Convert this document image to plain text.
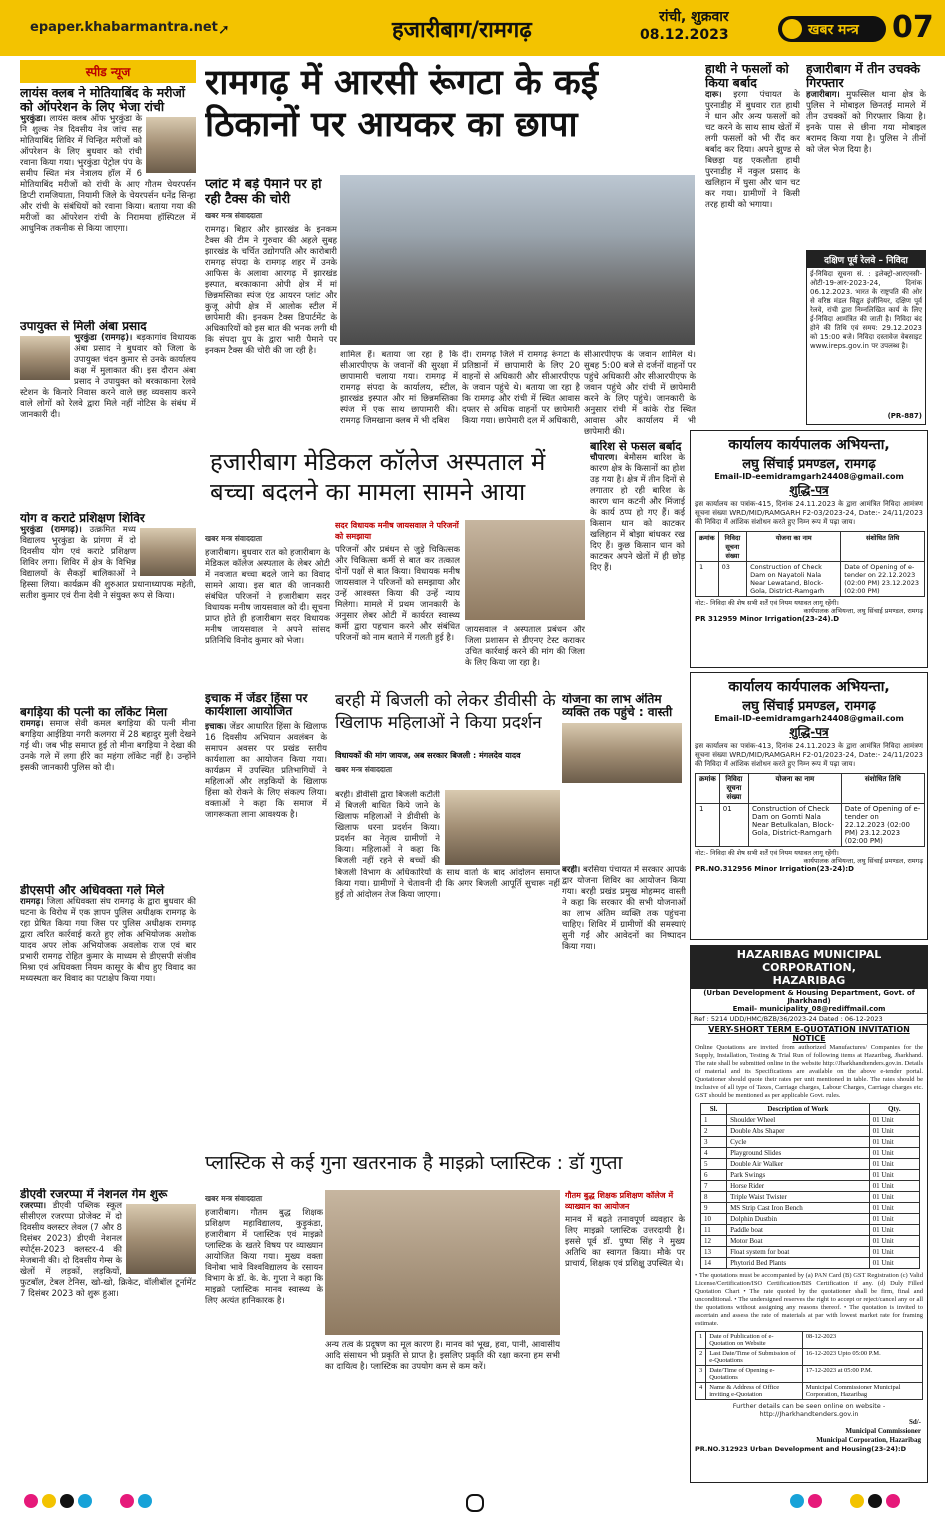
epaper.khabarmantra.net ➚	हजारीबाग/रामगढ़
रांची, शुक्रवार
08.12.2023	खबर मन्त्र 07
स्पीड न्यूज
लायंस क्लब ने मोतियाबिंद के मरीजों को ऑपरेशन के लिए भेजा रांची
भुरकुंडा। लायंस क्लब ऑफ भुरकुंडा के नि शुल्क नेत्र दिवसीय नेत्र जांच सह मोतियाबिंद शिविर में चिन्हित मरीजों को ऑपरेशन के लिए बुधवार को रांची रवाना किया गया। भुरकुंडा पेट्रोल पंप के समीप स्थित मंत्र नेत्रालय हॉल में 6 मोतियाबिंद मरीजों को रांची के आए गौतम चेयरपर्सन डिप्टी रामजियाता, नियामी जिले के चेयरपर्सन धनेंद्र सिन्हा और रांची के संबंधियों को रवाना किया। बताया गया की मरीजों का ऑपरेशन रांची के निरामया हॉस्पिटल में आधुनिक तकनीक से किया जाएगा।
उपायुक्त से मिली अंबा प्रसाद
भुरकुंडा (रामगढ़)। बड़कागांव विधायक अंबा प्रसाद ने बुधवार को जिला के उपायुक्त चंदन कुमार से उनके कार्यालय कक्ष में मुलाकात की। इस दौरान अंबा प्रसाद ने उपायुक्त को बरकाकाना रेलवे स्टेशन के किनारे निवास करने वाले छह व्यवसाय करने वाले लोगों को रेलवे द्वारा मिले नहीं नोटिस के संबंध में जानकारी दी।
योग व कराटे प्रशिक्षण शिविर
भुरकुंडा (रामगढ़)। उत्क्रमित मध्य विद्यालय भुरकुंडा के प्रांगण में दो दिवसीय योग एवं कराटे प्रशिक्षण शिविर लगा। शिविर में क्षेत्र के विभिन्न विद्यालयों के सैकड़ों बालिकाओं ने हिस्सा लिया। कार्यक्रम की शुरुआत प्रधानाध्यापक महेती, सतीश कुमार एवं रीना देवी ने संयुक्त रूप से किया।
बगड़िया की पत्नी का लॉकेट मिला
रामगढ़। समाज सेवी कमल बगड़िया की पत्नी मीना बगड़िया आईडिया नगरी कलगरा में 28 बहादुर मुली देखने गई थी। जब भीड़ समाप्त हुई तो मीना बगड़िया ने देखा की उनके गले में लगा हीरे का महंगा लॉकेट नहीं है। उन्होंने इसकी जानकारी पुलिस को दी।
डीएसपी और अधिवक्ता गले मिले
रामगढ़। जिला अधिवक्ता संघ रामगढ़ के द्वारा बुधवार की घटना के विरोध में एक ज्ञापन पुलिस अधीक्षक रामगढ़ के रहा प्रेषित किया गया जिस पर पुलिस अधीक्षक रामगढ़ द्वारा त्वरित कार्रवाई करते हुए लोक अभियोजक अशोक यादव अपर लोक अभियोजक अवलोक राज एवं बार प्रभारी रामगढ़ रोहित कुमार के माध्यम से डीएसपी संजीव मिश्रा एवं अधिवक्ता नियम कासूर के बीच हुए विवाद का मध्यस्थता कर विवाद का पटाक्षेप किया गया।
डीएवी रजरप्पा में नेशनल गेम शुरू
रजरप्पा। डीएवी पब्लिक स्कूल सीसीएल रजरप्पा प्रोजेक्ट में दो दिवसीय क्लस्टर लेवल (7 और 8 दिसंबर 2023) डीएवी नेशनल स्पोर्ट्स-2023 क्लस्टर-4 की मेजबानी की। दो दिवसीय गेम्स के खेलों में लड़कों, लड़कियों, फुटबॉल, टेबल टेनिस, खो-खो, क्रिकेट, वॉलीबॉल टूर्नामेंट 7 दिसंबर 2023 को शुरू हुआ।
रामगढ़ में आरसी रूंगटा के कई ठिकानों पर आयकर का छापा
प्लांट में बड़े पैमाने पर हो रही टैक्स की चोरी
खबर मन्त्र संवाददाता
रामगढ़। बिहार और झारखंड के इनकम टैक्स की टीम ने गुरुवार की अहले सुबह झारखंड के चर्चित उद्योगपति और कारोबारी रामगढ़ संपदा के रामगढ़ शहर में उनके आफिस के अलावा आरगढ़ में झारखंड इस्पात, बरकाकाना ओपी क्षेत्र में मां छिन्नमस्तिका स्पंज एंड आयरन प्लांट और कुजू ओपी क्षेत्र में आलोक स्टील में छापेमारी की। इनकम टैक्स डिपार्टमेंट के अधिकारियों को इस बात की भनक लगी थी कि संपदा ग्रुप के द्वारा भारी पैमाने पर इनकम टैक्स की चोरी की जा रही है।	शामिल हैं। बताया जा रहा है कि सीआरपीएफ के जवानों की सुरक्षा में छापामारी चलाया गया। रामगढ़ में रामगढ़ संपदा के कार्यालय, स्टील, झारखंड इस्पात और मां छिन्नमस्तिका स्पंज में एक साथ छापामारी की। रामगढ़ जिमखाना क्लब में भी दबिश
दी। रामगढ़ जिले में रामगढ़ रूंगटा के प्रतिष्ठानों में छापामारी के लिए 20 वाहनों से अधिकारी और सीआरपीएफ के जवान पहुंचे थे। बताया जा रहा है कि रामगढ़ और रांची में स्थित आवास दफ्तर से अधिक वाहनों पर छापेमारी किया गया। छापेमारी दल में अधिकारी,
सीआरपीएफ के जवान शामिल थे। सुबह 5:00 बजे से दर्जनों वाहनों पर पहुंचे अधिकारी और सीआरपीएफ के जवान पहुंचे और रांची में छापेमारी करने के लिए पहुंचे। जानकारी के अनुसार रांची में कांके रोड स्थित आवास और कार्यालय में भी छापेमारी की।
हाथी ने फसलों को किया बर्बाद
दारू। इरगा पंचायत के पुरनाडीह में बुधवार रात हाथी ने धान और अन्य फसलों को चट करने के साथ साथ खेतों में लगी फसलों को भी रौंद कर बर्बाद कर दिया। अपने झुण्ड से बिछड़ा यह एकलौता हाथी पुरनाडीह में नकुल प्रसाद के खलिहान में घुसा और धान चट कर गया। ग्रामीणों ने किसी तरह हाथी को भगाया।
हजारीबाग में तीन उचक्के गिरफ्तार
हजारीबाग। मुफस्सिल थाना क्षेत्र के पुलिस ने मोबाइल छिनतई मामले में तीन उचक्कों को गिरफ्तार किया है। इनके पास से छीना गया मोबाइल बरामद किया गया है। पुलिस ने तीनों को जेल भेज दिया है।
दक्षिण पूर्व रेलवे – निविदा
ई-निविदा सूचना सं. : इलेक्ट्रो-आरएनसी-ओटी-19-आर-2023-24, दिनांक 06.12.2023. भारत के राष्ट्रपति की ओर से वरिष्ठ मंडल विद्युत इंजीनियर, दक्षिण पूर्व रेलवे, रांची द्वारा निम्नलिखित कार्य के लिए ई-निविदा आमंत्रित की जाती है। निविदा बंद होने की तिथि एवं समय: 29.12.2023 को 15:00 बजे। निविदा दस्तावेज वेबसाइट www.ireps.gov.in पर उपलब्ध है।
(PR-887)
कार्यालय कार्यपालक अभियन्ता,
लघु सिंचाई प्रमण्डल, रामगढ़
Email-ID-eemidramgarh24408@gmail.com
शुद्धि-पत्र
इस कार्यालय का पत्रांक-415, दिनांक 24.11.2023 के द्वारा आमंत्रित निविदा आमंत्रण सूचना संख्या WRD/MID/RAMGARH F2-03/2023-24, Date:- 24/11/2023 की निविदा में आंशिक संशोधन करते हुए निम्न रूप में पढ़ा जाय।
क्रमांक	निविदा सूचना संख्या	योजना का नाम	संशोधित तिथि
1	03	Construction of Check Dam on Nayatoli Nala Near Lewatand, Block-Gola, District-Ramgarh	Date of Opening of e-tender on 22.12.2023 (02:00 PM) 23.12.2023 (02:00 PM)
नोट:- निविदा की शेष सभी शर्तें एवं नियम यथावत लागू रहेंगी।
कार्यपालक अभियन्ता, लघु सिंचाई प्रमण्डल, रामगढ़
PR 312959 Minor Irrigation(23-24).D
कार्यालय कार्यपालक अभियन्ता,
लघु सिंचाई प्रमण्डल, रामगढ़
Email-ID-eemidramgarh24408@gmail.com
शुद्धि-पत्र
इस कार्यालय का पत्रांक-413, दिनांक 24.11.2023 के द्वारा आमंत्रित निविदा आमंत्रण सूचना संख्या WRD/MID/RAMGARH F2-01/2023-24, Date:- 24/11/2023 की निविदा में आंशिक संशोधन करते हुए निम्न रूप में पढ़ा जाय।
क्रमांक	निविदा सूचना संख्या	योजना का नाम	संशोधित तिथि
1	01	Construction of Check Dam on Gomti Nala Near Betulkalan, Block-Gola, District-Ramgarh	Date of Opening of e-tender on 22.12.2023 (02:00 PM) 23.12.2023 (02:00 PM)
नोट:- निविदा की शेष सभी शर्तें एवं नियम यथावत लागू रहेंगी।
कार्यपालक अभियन्ता, लघु सिंचाई प्रमण्डल, रामगढ़
PR.NO.312956 Minor Irrigation(23-24):D
HAZARIBAG MUNICIPAL CORPORATION,
HAZARIBAG
(Urban Development & Housing Department, Govt. of Jharkhand)
Email- municipality_08@rediffmail.com
Ref : 5214 UDD/HMC/BZB/36/2023-24 Dated : 06-12-2023
VERY-SHORT TERM E-QUOTATION INVITATION NOTICE
Online Quotations are invited from authorized Manufactures/ Companies for the Supply, Installation, Testing & Trial Run of following items at Hazaribag, Jharkhand. The rate shall be submitted online in the website http://Jharkhandtenders.gov.in. Details of material and its Specifications are available on the above e-tender portal. Quotationer should quote their rates per unit mentioned in table. The rates should be inclusive of all type of Taxes, Carriage charges, Labour Charges, Carriage charges etc. GST should be mentioned as per applicable Govt. rules.
Sl.	Description of Work	Qty.
1	Shoulder Wheel	01 Unit
2	Double Abs Shaper	01 Unit
3	Cycle	01 Unit
4	Playground Slides	01 Unit
5	Double Air Walker	01 Unit
6	Park Swings	01 Unit
7	Horse Rider	01 Unit
8	Triple Waist Twister	01 Unit
9	MS Strip Cast Iron Bench	01 Unit
10	Dolphin Dustbin	01 Unit
11	Paddle boat	01 Unit
12	Motor Boat	01 Unit
13	Float system for boat	01 Unit
14	Phytorid Bed Plants	01 Unit
• The quotations must be accompanied by (a) PAN Card (B) GST Registration (c) Valid License/Certification/ISO Certification/BIS Certification if any. (d) Duly Filled Quotation Chart • The rate quoted by the quotationer shall be firm, final and unconditional. • The undersigned reserves the right to accept or reject/cancel any or all the quotations without assigning any reasons thereof. • The quotation is invited to ascertain and assess the rate of materials at par with lowest market rate for framing estimate.
1	Date of Publication of e-Quotation on Website	08-12-2023
2	Last Date/Time of Submission of e-Quotations	16-12-2023 Upto 05:00 P.M.
3	Date/Time of Opening e-Quotations	17-12-2023 at 05:00 P.M.
4	Name & Address of Office inviting e-Quotation	Municipal Commissioner Municipal Corporation, Hazaribag
Further details can be seen online on website - http://Jharkhandtenders.gov.in
Sd/-
Municipal Commissioner
Municipal Corporation, Hazaribag
PR.NO.312923 Urban Development and Housing(23-24):D
हजारीबाग मेडिकल कॉलेज अस्पताल में बच्चा बदलने का मामला सामने आया
खबर मन्त्र संवाददाता
हजारीबाग। बुधवार रात को हजारीबाग के मेडिकल कॉलेज अस्पताल के लेबर ओटी में नवजात बच्चा बदले जाने का विवाद सामने आया। इस बात की जानकारी संबंधित परिजनों ने हजारीबाग सदर विधायक मनीष जायसवाल को दी। सूचना प्राप्त होते ही हजारीबाग सदर विधायक मनीष जायसवाल ने अपने सांसद प्रतिनिधि विनोद कुमार को भेजा।
सदर विधायक मनीष जायसवाल ने परिजनों को समझाया
परिजनों और प्रबंधन से जुड़े चिकित्सक और चिकित्सा कर्मी से बात कर तत्काल दोनों पक्षों से बात किया। विधायक मनीष जायसवाल ने परिजनों को समझाया और उन्हें आश्वस्त किया की उन्हें न्याय मिलेगा। मामले में प्रथम जानकारी के अनुसार लेबर ओटी में कार्यरत स्वास्थ्य कर्मी द्वारा पहचान करने और संबंधित परिजनों को नाम बताने में गलती हुई है।
जायसवाल ने अस्पताल प्रबंधन और जिला प्रशासन से डीएनए टेस्ट कराकर उचित कार्रवाई करने की मांग की जिला के लिए किया जा रहा है।
बारिश से फसल बर्बाद
चौपारण। बेमौसम बारिश के कारण क्षेत्र के किसानों का होश उड़ गया है। क्षेत्र में तीन दिनों से लगातार हो रही बारिश के कारण धान कटनी और मिंजाई के कार्य ठप्प हो गए हैं। कई किसान धान को काटकर खलिहान में बोझा बांधकर रख दिए हैं। कुछ किसान धान को काटकर अपने खेतों में ही छोड़ दिए हैं।
योजना का लाभ अंतिम व्यक्ति तक पहुंचे : वास्ती
बरही। बरसिया पंचायत में सरकार आपके द्वार योजना शिविर का आयोजन किया गया। बरही प्रखंड प्रमुख मोहम्मद वास्ती ने कहा कि सरकार की सभी योजनाओं का लाभ अंतिम व्यक्ति तक पहुंचना चाहिए। शिविर में ग्रामीणों की समस्याएं सुनी गईं और आवेदनों का निष्पादन किया गया।
इचाक में जेंडर हिंसा पर कार्यशाला आयोजित
इचाक। जेंडर आधारित हिंसा के खिलाफ 16 दिवसीय अभियान अवलंबन के समापन अवसर पर प्रखंड स्तरीय कार्यशाला का आयोजन किया गया। कार्यक्रम में उपस्थित प्रतिभागियों ने महिलाओं और लड़कियों के खिलाफ हिंसा को रोकने के लिए संकल्प लिया। वक्ताओं ने कहा कि समाज में जागरूकता लाना आवश्यक है।
बरही में बिजली को लेकर डीवीसी के खिलाफ महिलाओं ने किया प्रदर्शन
विधायकों की मांग जायज, अब सरकार बिजली : मंगलदेव यादव
खबर मन्त्र संवाददाता
बरही। डीवीसी द्वारा बिजली कटौती में बिजली बाधित किये जाने के खिलाफ महिलाओं ने डीवीसी के खिलाफ धरना प्रदर्शन किया। प्रदर्शन का नेतृत्व ग्रामीणों ने किया। महिलाओं ने कहा कि बिजली नहीं रहने से बच्चों की
बिजली विभाग के अधिकारियों के साथ वार्ता के बाद आंदोलन समाप्त किया गया। ग्रामीणों ने चेतावनी दी कि अगर बिजली आपूर्ति सुचारू नहीं हुई तो आंदोलन तेज किया जाएगा।
प्लास्टिक से कई गुना खतरनाक है माइक्रो प्लास्टिक : डॉ गुप्ता
खबर मन्त्र संवाददाता
हजारीबाग। गौतम बुद्ध शिक्षक प्रशिक्षण महाविद्यालय, कुड़ुकंडा, हजारीबाग में प्लास्टिक एवं माइक्रो प्लास्टिक के खतरे विषय पर व्याख्यान आयोजित किया गया। मुख्य वक्ता विनोबा भावे विश्वविद्यालय के रसायन विभाग के डॉ. के. के. गुप्ता ने कहा कि माइक्रो प्लास्टिक मानव स्वास्थ्य के लिए अत्यंत हानिकारक है।
अन्य तत्व के प्रदूषण का मूल कारण है। मानव को भूख, हवा, पानी, आवासीय आदि संसाधन भी प्रकृति से प्राप्त है। इसलिए प्रकृति की रक्षा करना हम सभी का दायित्व है। प्लास्टिक का उपयोग कम से कम करें।
गौतम बुद्ध शिक्षक प्रशिक्षण कॉलेज में व्याख्यान का आयोजन
मानव में बढ़ते तनावपूर्ण व्यवहार के लिए माइक्रो प्लास्टिक उत्तरदायी है। इससे पूर्व डॉ. पुष्पा सिंह ने मुख्य अतिथि का स्वागत किया। मौके पर प्राचार्य, शिक्षक एवं प्रशिक्षु उपस्थित थे।
